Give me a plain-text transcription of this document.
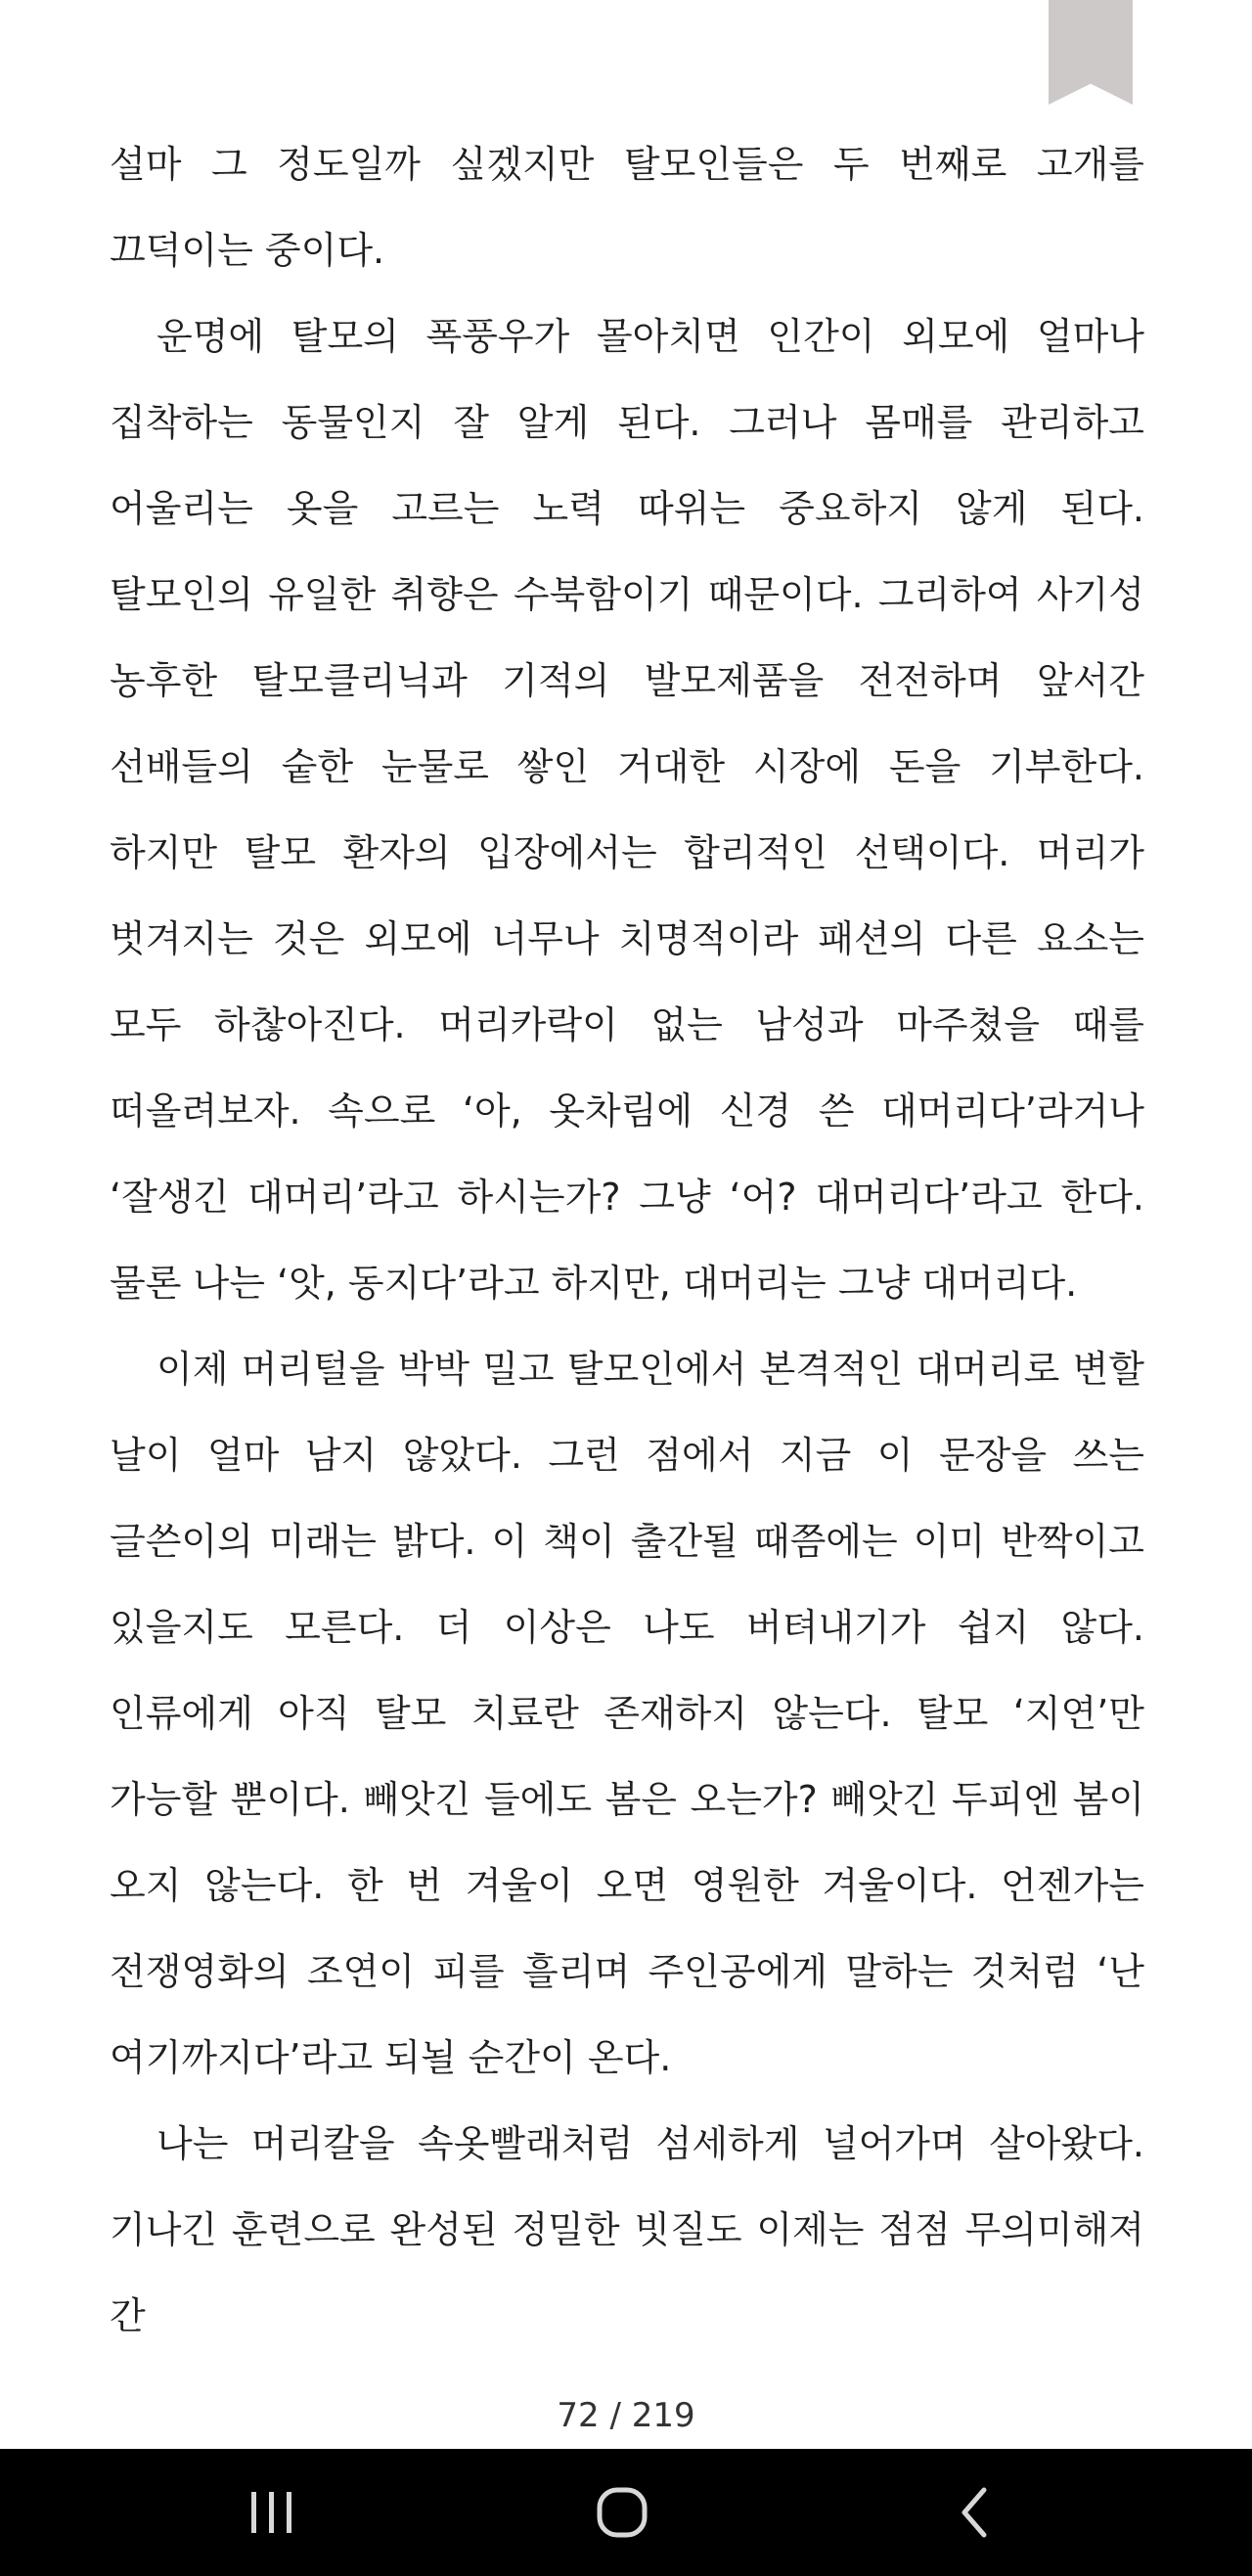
설마 그 정도일까 싶겠지만 탈모인들은 두 번째로 고개를 끄덕이는 중이다.

운명에 탈모의 폭풍우가 몰아치면 인간이 외모에 얼마나 집착하는 동물인지 잘 알게 된다. 그러나 몸매를 관리하고 어울리는 옷을 고르는 노력 따위는 중요하지 않게 된다. 탈모인의 유일한 취향은 수북함이기 때문이다. 그리하여 사기성 농후한 탈모클리닉과 기적의 발모제품을 전전하며 앞서간 선배들의 숱한 눈물로 쌓인 거대한 시장에 돈을 기부한다. 하지만 탈모 환자의 입장에서는 합리적인 선택이다. 머리가 벗겨지는 것은 외모에 너무나 치명적이라 패션의 다른 요소는 모두 하찮아진다. 머리카락이 없는 남성과 마주쳤을 때를 떠올려보자. 속으로 ‘아, 옷차림에 신경 쓴 대머리다’라거나 ‘잘생긴 대머리’라고 하시는가? 그냥 ‘어? 대머리다’라고 한다. 물론 나는 ‘앗, 동지다’라고 하지만, 대머리는 그냥 대머리다.

이제 머리털을 박박 밀고 탈모인에서 본격적인 대머리로 변할 날이 얼마 남지 않았다. 그런 점에서 지금 이 문장을 쓰는 글쓴이의 미래는 밝다. 이 책이 출간될 때쯤에는 이미 반짝이고 있을지도 모른다. 더 이상은 나도 버텨내기가 쉽지 않다. 인류에게 아직 탈모 치료란 존재하지 않는다. 탈모 ‘지연’만 가능할 뿐이다. 빼앗긴 들에도 봄은 오는가? 빼앗긴 두피엔 봄이 오지 않는다. 한 번 겨울이 오면 영원한 겨울이다. 언젠가는 전쟁영화의 조연이 피를 흘리며 주인공에게 말하는 것처럼 ‘난 여기까지다’라고 되뇔 순간이 온다.

나는 머리칼을 속옷빨래처럼 섬세하게 널어가며 살아왔다. 기나긴 훈련으로 완성된 정밀한 빗질도 이제는 점점 무의미해져 간

72 / 219
